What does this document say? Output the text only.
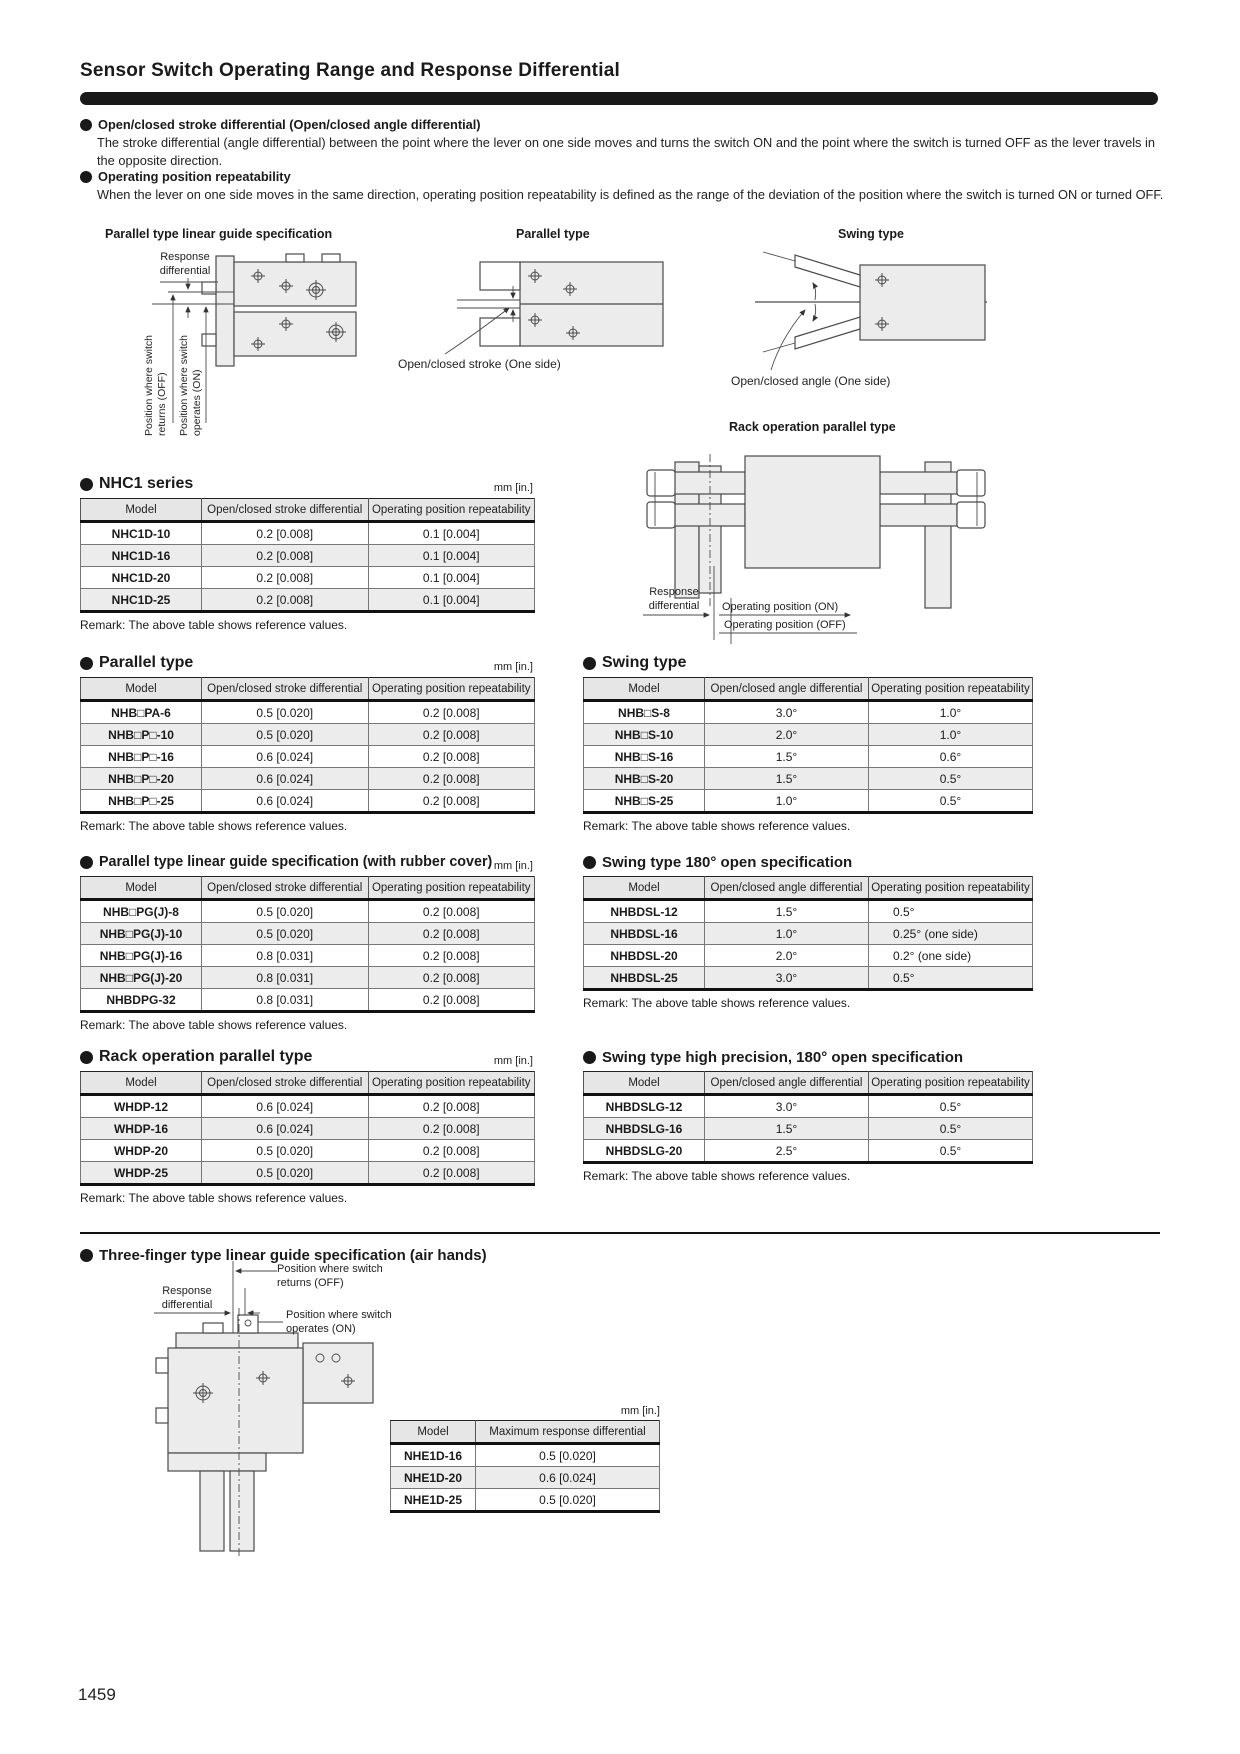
Sensor Switch Operating Range and Response Differential
Open/closed stroke differential (Open/closed angle differential)
The stroke differential (angle differential) between the point where the lever on one side moves and turns the switch ON and the point where the switch is turned OFF as the lever travels in the opposite direction.
Operating position repeatability
When the lever on one side moves in the same direction, operating position repeatability is defined as the range of the deviation of the position where the switch is turned ON or turned OFF.
Parallel type linear guide specification	Parallel type	Swing type
Response differential
Position where switch returns (OFF) Position where switch operates (ON)
Open/closed stroke (One side)
Open/closed angle (One side)
Rack operation parallel type
Response differential	Operating position (ON)
Operating position (OFF)
NHC1 series	mm [in.]
Model	Open/closed stroke differential	Operating position repeatability
NHC1D-10	0.2 [0.008]	0.1 [0.004]
NHC1D-16	0.2 [0.008]	0.1 [0.004]
NHC1D-20	0.2 [0.008]	0.1 [0.004]
NHC1D-25	0.2 [0.008]	0.1 [0.004]
Remark: The above table shows reference values.
Parallel type	mm [in.]
Model	Open/closed stroke differential	Operating position repeatability
NHB□PA-6	0.5 [0.020]	0.2 [0.008]
NHB□P□-10	0.5 [0.020]	0.2 [0.008]
NHB□P□-16	0.6 [0.024]	0.2 [0.008]
NHB□P□-20	0.6 [0.024]	0.2 [0.008]
NHB□P□-25	0.6 [0.024]	0.2 [0.008]
Remark: The above table shows reference values.
Swing type
Model	Open/closed angle differential	Operating position repeatability
NHB□S-8	3.0°	1.0°
NHB□S-10	2.0°	1.0°
NHB□S-16	1.5°	0.6°
NHB□S-20	1.5°	0.5°
NHB□S-25	1.0°	0.5°
Remark: The above table shows reference values.
Parallel type linear guide specification (with rubber cover) mm [in.]
Model	Open/closed stroke differential	Operating position repeatability
NHB□PG(J)-8	0.5 [0.020]	0.2 [0.008]
NHB□PG(J)-10	0.5 [0.020]	0.2 [0.008]
NHB□PG(J)-16	0.8 [0.031]	0.2 [0.008]
NHB□PG(J)-20	0.8 [0.031]	0.2 [0.008]
NHBDPG-32	0.8 [0.031]	0.2 [0.008]
Remark: The above table shows reference values.
Swing type 180° open specification
Model	Open/closed angle differential	Operating position repeatability
NHBDSL-12	1.5°	0.5°
NHBDSL-16	1.0°	0.25° (one side)
NHBDSL-20	2.0°	0.2° (one side)
NHBDSL-25	3.0°	0.5°
Remark: The above table shows reference values.
Rack operation parallel type	mm [in.]
Model	Open/closed stroke differential	Operating position repeatability
WHDP-12	0.6 [0.024]	0.2 [0.008]
WHDP-16	0.6 [0.024]	0.2 [0.008]
WHDP-20	0.5 [0.020]	0.2 [0.008]
WHDP-25	0.5 [0.020]	0.2 [0.008]
Remark: The above table shows reference values.
Swing type high precision, 180° open specification
Model	Open/closed angle differential	Operating position repeatability
NHBDSLG-12	3.0°	0.5°
NHBDSLG-16	1.5°	0.5°
NHBDSLG-20	2.5°	0.5°
Remark: The above table shows reference values.
Three-finger type linear guide specification (air hands)
Response differential
Position where switch returns (OFF)
Position where switch operates (ON)
mm [in.]
Model	Maximum response differential
NHE1D-16	0.5 [0.020]
NHE1D-20	0.6 [0.024]
NHE1D-25	0.5 [0.020]
1459
